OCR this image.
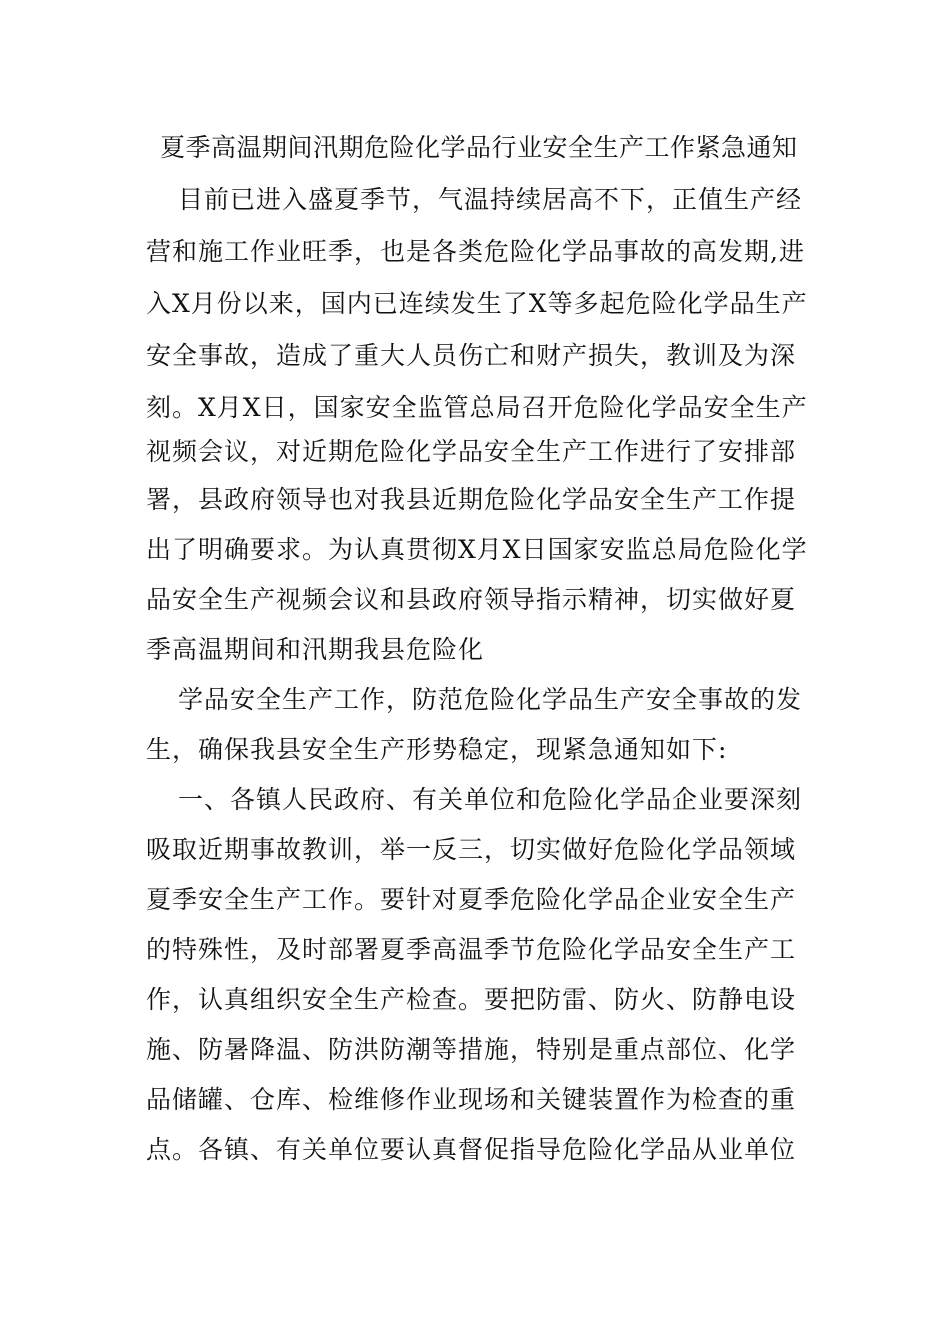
夏季高温期间汛期危险化学品行业安全生产工作紧急通知
目前已进入盛夏季节，气温持续居高不下，正值生产经
营和施工作业旺季，也是各类危险化学品事故的高发期,进
入X月份以来，国内已连续发生了X等多起危险化学品生产
安全事故，造成了重大人员伤亡和财产损失，教训及为深
刻。X月X日，国家安全监管总局召开危险化学品安全生产
视频会议，对近期危险化学品安全生产工作进行了安排部
署，县政府领导也对我县近期危险化学品安全生产工作提
出了明确要求。为认真贯彻X月X日国家安监总局危险化学
品安全生产视频会议和县政府领导指示精神，切实做好夏
季高温期间和汛期我县危险化
学品安全生产工作，防范危险化学品生产安全事故的发
生，确保我县安全生产形势稳定，现紧急通知如下:
一、各镇人民政府、有关单位和危险化学品企业要深刻
吸取近期事故教训，举一反三，切实做好危险化学品领域
夏季安全生产工作。要针对夏季危险化学品企业安全生产
的特殊性，及时部署夏季高温季节危险化学品安全生产工
作，认真组织安全生产检查。要把防雷、防火、防静电设
施、防暑降温、防洪防潮等措施，特别是重点部位、化学
品储罐、仓库、检维修作业现场和关键装置作为检查的重
点。各镇、有关单位要认真督促指导危险化学品从业单位
